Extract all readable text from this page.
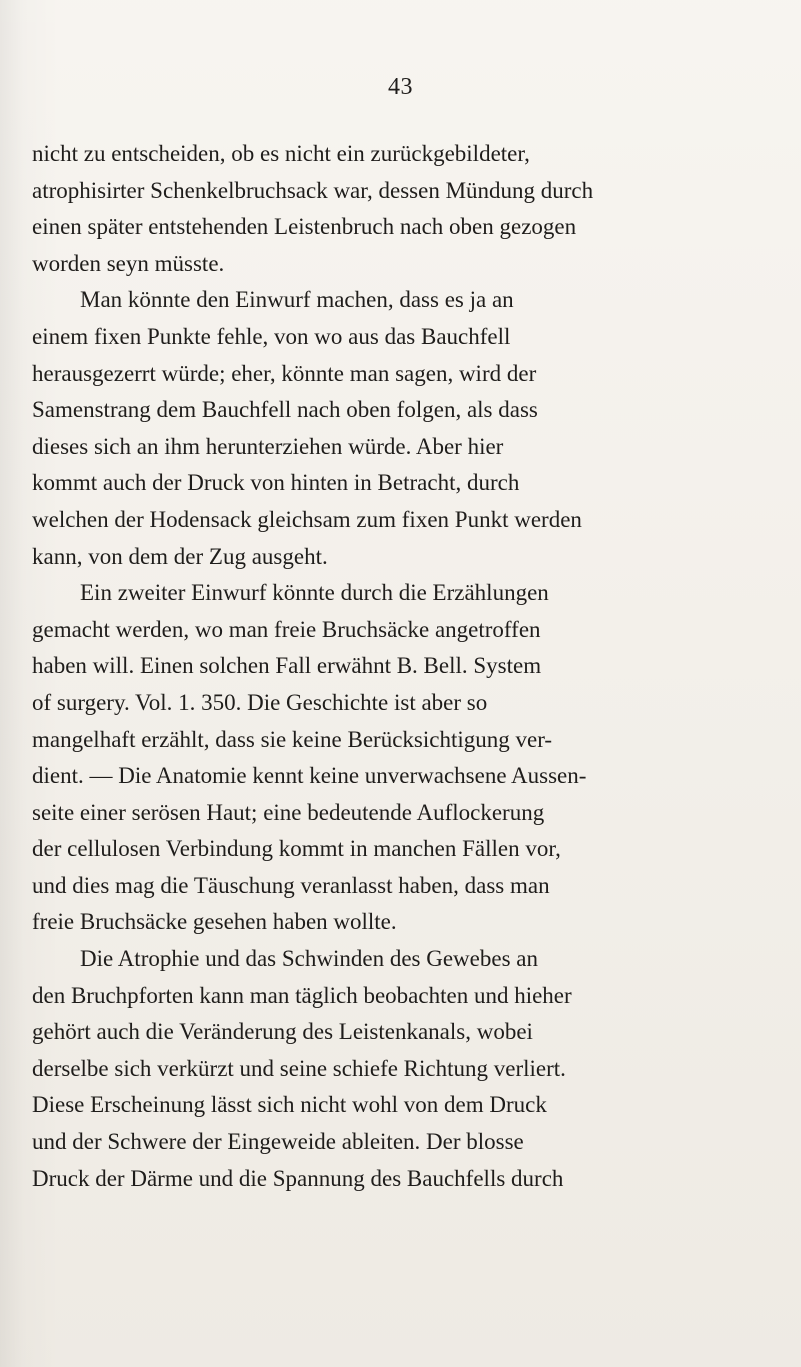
43
nicht zu entscheiden, ob es nicht ein zurückgebildeter,
atrophisirter Schenkelbruchsack war, dessen Mündung durch
einen später entstehenden Leistenbruch nach oben gezogen
worden seyn müsste.
Man könnte den Einwurf machen, dass es ja an
einem fixen Punkte fehle, von wo aus das Bauchfell
herausgezerrt würde; eher, könnte man sagen, wird der
Samenstrang dem Bauchfell nach oben folgen, als dass
dieses sich an ihm herunterziehen würde. Aber hier
kommt auch der Druck von hinten in Betracht, durch
welchen der Hodensack gleichsam zum fixen Punkt werden
kann, von dem der Zug ausgeht.
Ein zweiter Einwurf könnte durch die Erzählungen
gemacht werden, wo man freie Bruchsäcke angetroffen
haben will. Einen solchen Fall erwähnt B. Bell. System
of surgery. Vol. 1. 350. Die Geschichte ist aber so
mangelhaft erzählt, dass sie keine Berücksichtigung ver-
dient. — Die Anatomie kennt keine unverwachsene Aussen-
seite einer serösen Haut; eine bedeutende Auflockerung
der cellulosen Verbindung kommt in manchen Fällen vor,
und dies mag die Täuschung veranlasst haben, dass man
freie Bruchsäcke gesehen haben wollte.
Die Atrophie und das Schwinden des Gewebes an
den Bruchpforten kann man täglich beobachten und hieher
gehört auch die Veränderung des Leistenkanals, wobei
derselbe sich verkürzt und seine schiefe Richtung verliert.
Diese Erscheinung lässt sich nicht wohl von dem Druck
und der Schwere der Eingeweide ableiten. Der blosse
Druck der Därme und die Spannung des Bauchfells durch
